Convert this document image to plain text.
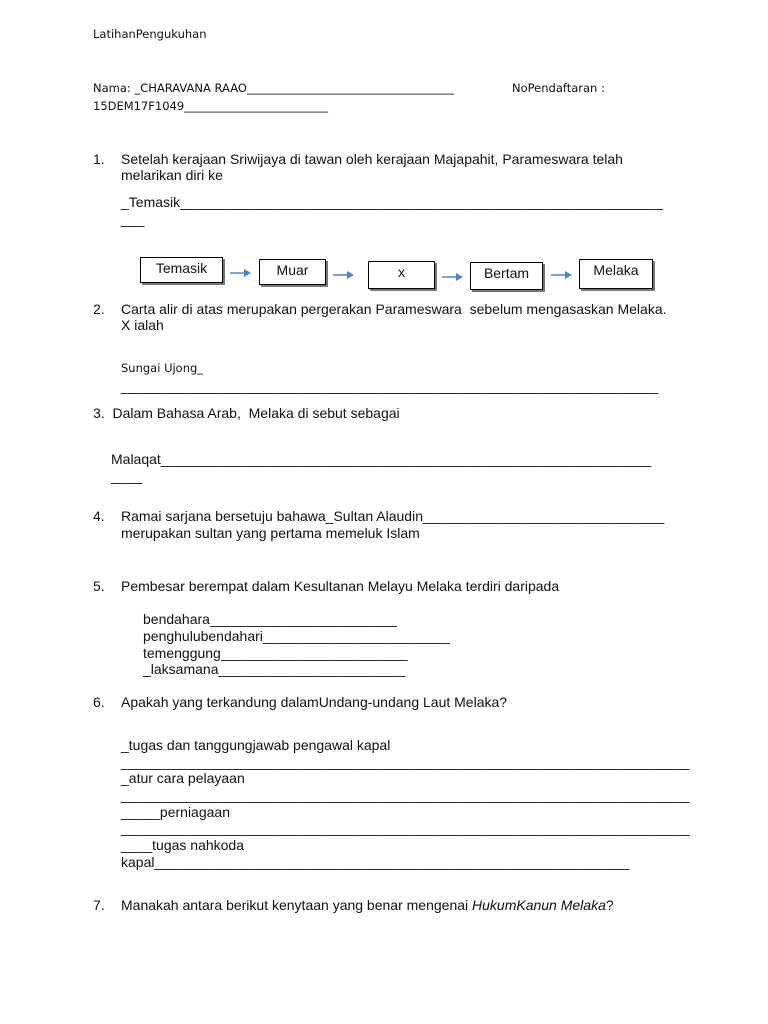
LatihanPengukuhan
Nama: _CHARAVANA RAAO____________________________________	NoPendaftaran :
15DEM17F1049_________________________
1. Setelah kerajaan Sriwijaya di tawan oleh kerajaan Majapahit, Parameswara telah
melarikan diri ke
_Temasik______________________________________________________________
___
Temasik	Muar	x	Bertam	Melaka
2. Carta alir di atas merupakan pergerakan Parameswara  sebelum mengasaskan Melaka.
X ialah
Sungai Ujong_
_____________________________________________________________________
3.  Dalam Bahasa Arab,  Melaka di sebut sebagai
Malaqat_______________________________________________________________
____
4. Ramai sarjana bersetuju bahawa_Sultan Alaudin_______________________________
merupakan sultan yang pertama memeluk Islam
5. Pembesar berempat dalam Kesultanan Melayu Melaka terdiri daripada
bendahara________________________
penghulubendahari________________________
temenggung________________________
_laksamana________________________
6. Apakah yang terkandung dalamUndang-undang Laut Melaka?
_tugas dan tanggungjawab pengawal kapal
_________________________________________________________________________
_atur cara pelayaan
_________________________________________________________________________
_____perniagaan
_________________________________________________________________________
____tugas nahkoda
kapal_____________________________________________________________
7. Manakah antara berikut kenytaan yang benar mengenai HukumKanun Melaka?
